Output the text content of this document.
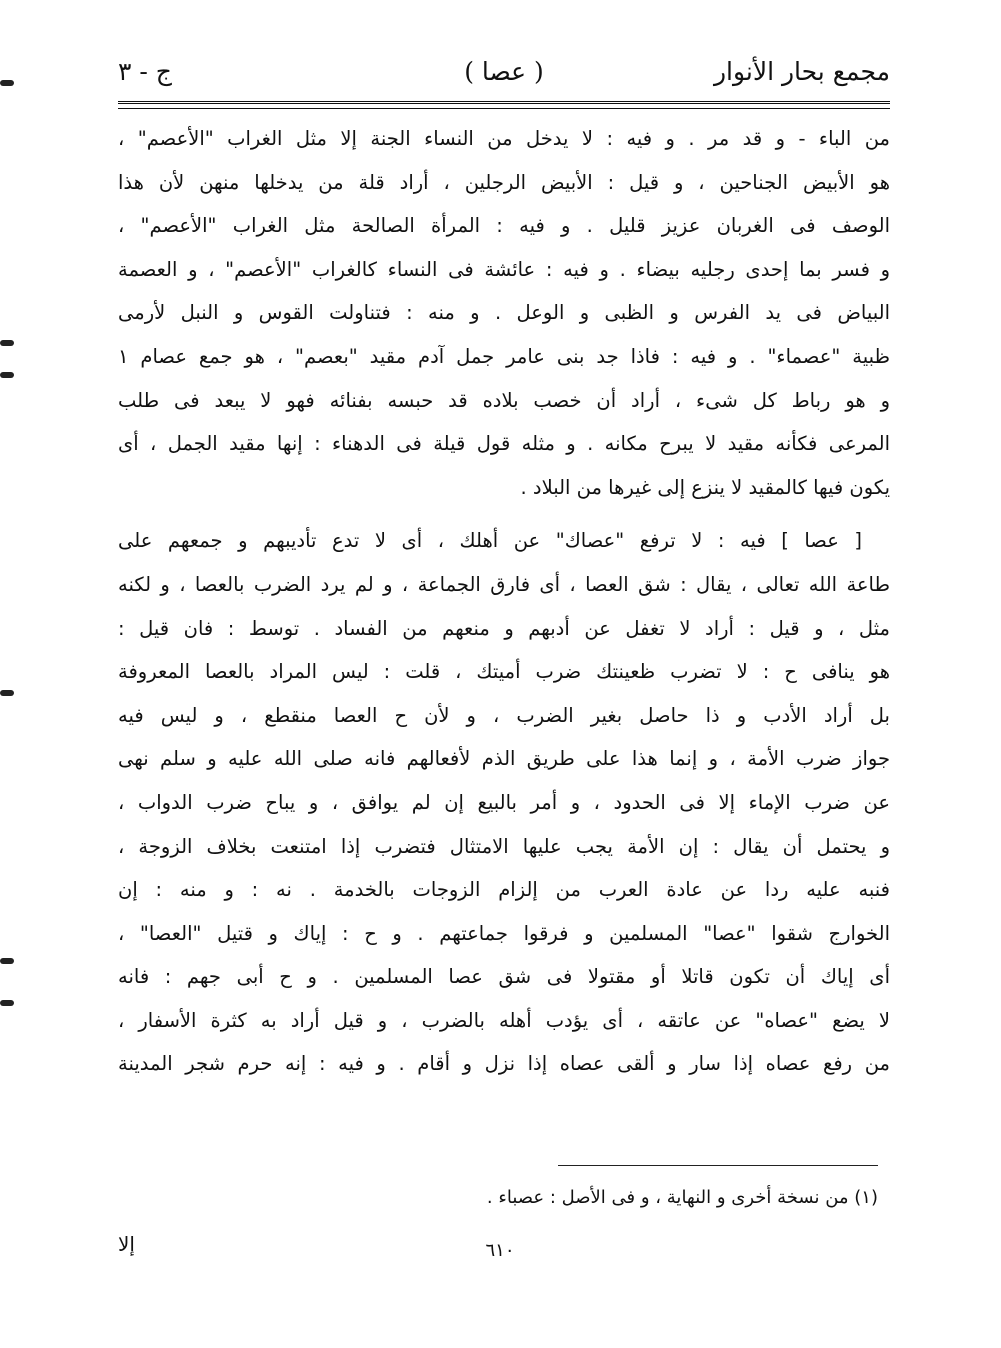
مجمع بحار الأنوار
( عصا )
ج - ٣
من الباء - و قد مر . و فيه : لا يدخل من النساء الجنة إلا مثل الغراب "الأعصم" ،
هو الأبيض الجناحين ، و قيل : الأبيض الرجلين ، أراد قلة من يدخلها منهن لأن هذا
الوصف فى الغربان عزيز قليل . و فيه : المرأة الصالحة مثل الغراب "الأعصم" ،
و فسر بما إحدى رجليه بيضاء . و فيه : عائشة فى النساء كالغراب "الأعصم" ، و العصمة
البياض فى يد الفرس و الظبى و الوعل . و منه : فتناولت القوس و النبل لأرمى
ظبية "عصماء" . و فيه : فاذا جد بنى عامر جمل آدم مقيد "بعصم" ، هو جمع عصام ١
و هو رباط كل شىء ، أراد أن خصب بلاده قد حبسه بفنائه فهو لا يبعد فى طلب
المرعى فكأنه مقيد لا يبرح مكانه . و مثله قول قيلة فى الدهناء : إنها مقيد الجمل ، أى
يكون فيها كالمقيد لا ينزع إلى غيرها من البلاد .
[ عصا ] فيه : لا ترفع "عصاك" عن أهلك ، أى لا تدع تأديبهم و جمعهم على
طاعة الله تعالى ، يقال : شق العصا ، أى فارق الجماعة ، و لم يرد الضرب بالعصا ، و لكنه
مثل ، و قيل : أراد لا تغفل عن أدبهم و منعهم من الفساد . توسط : فان قيل :
هو ينافى ح : لا تضرب ظعينتك ضرب أميتك ، قلت : ليس المراد بالعصا المعروفة
بل أراد الأدب و ذا حاصل بغير الضرب ، و لأن ح العصا منقطع ، و ليس فيه
جواز ضرب الأمة ، و إنما هذا على طريق الذم لأفعالهم فانه صلى الله عليه و سلم نهى
عن ضرب الإماء إلا فى الحدود ، و أمر بالبيع إن لم يوافق ، و يباح ضرب الدواب ،
و يحتمل أن يقال : إن الأمة يجب عليها الامتثال فتضرب إذا امتنعت بخلاف الزوجة ،
فنبه عليه ردا عن عادة العرب من إلزام الزوجات بالخدمة . نه : و منه : إن
الخوارج شقوا "عصا" المسلمين و فرقوا جماعتهم . و ح : إياك و قتيل "العصا" ،
أى إياك أن تكون قاتلا أو مقتولا فى شق عصا المسلمين . و ح أبى جهم : فانه
لا يضع "عصاه" عن عاتقه ، أى يؤدب أهله بالضرب ، و قيل أراد به كثرة الأسفار ،
من رفع عصاه إذا سار و ألقى عصاه إذا نزل و أقام . و فيه : إنه حرم شجر المدينة
(١) من نسخة أخرى و النهاية ، و فى الأصل : عصباء .
إلا	٦١٠
